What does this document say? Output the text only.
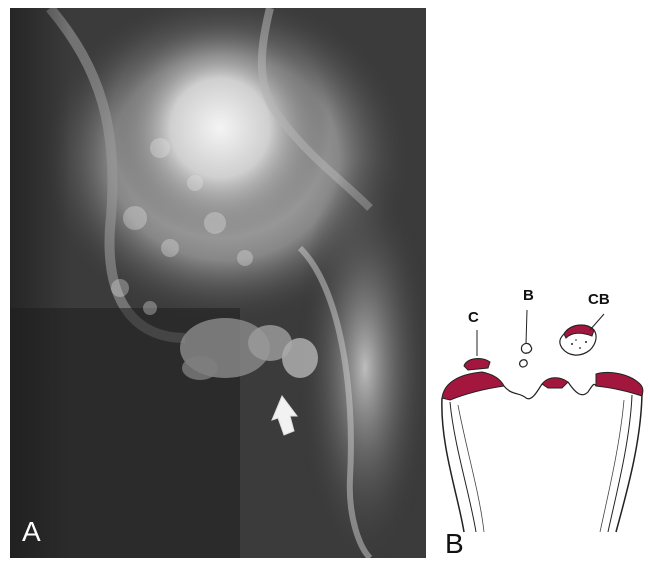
A
C
B	CB
B
